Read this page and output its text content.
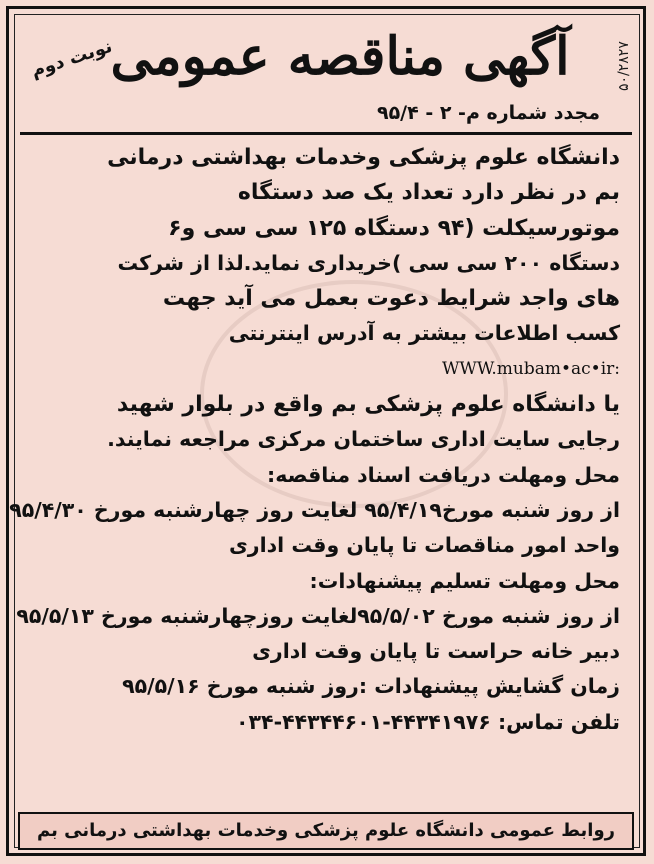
۵۰/۲۸۲۷
آگهی مناقصه عمومی
نوبت دوم
مجدد شماره م- ۲ - ۹۵/۴
دانشگاه علوم پزشکی وخدمات بهداشتی درمانی
بم در نظر دارد تعداد یک صد دستگاه
موتورسیکلت (۹۴ دستگاه ۱۲۵ سی سی و۶
دستگاه ۲۰۰ سی سی )خریداری نماید.لذا از شرکت
های واجد شرایط دعوت بعمل می آید جهت
کسب اطلاعات بیشتر به آدرس اینترنتی
WWW.mubam•ac•ir:
یا دانشگاه علوم پزشکی بم واقع در بلوار شهید
رجایی سایت اداری ساختمان مرکزی مراجعه نمایند.
محل ومهلت دریافت اسناد مناقصه:
از روز شنبه مورخ۹۵/۴/۱۹ لغایت روز چهارشنبه مورخ ۹۵/۴/۳۰
واحد امور مناقصات تا پایان وقت اداری
محل ومهلت تسلیم پیشنهادات:
از روز شنبه مورخ ۹۵/۵/۰۲لغایت روزچهارشنبه مورخ ۹۵/۵/۱۳
دبیر خانه حراست تا پایان وقت اداری
زمان گشایش پیشنهادات :روز شنبه مورخ ۹۵/۵/۱۶
تلفن تماس: ۴۴۳۴۱۹۷۶-۴۴۳۴۴۶۰۱-۰۳۴
روابط عمومی دانشگاه علوم پزشکی وخدمات بهداشتی درمانی بم
